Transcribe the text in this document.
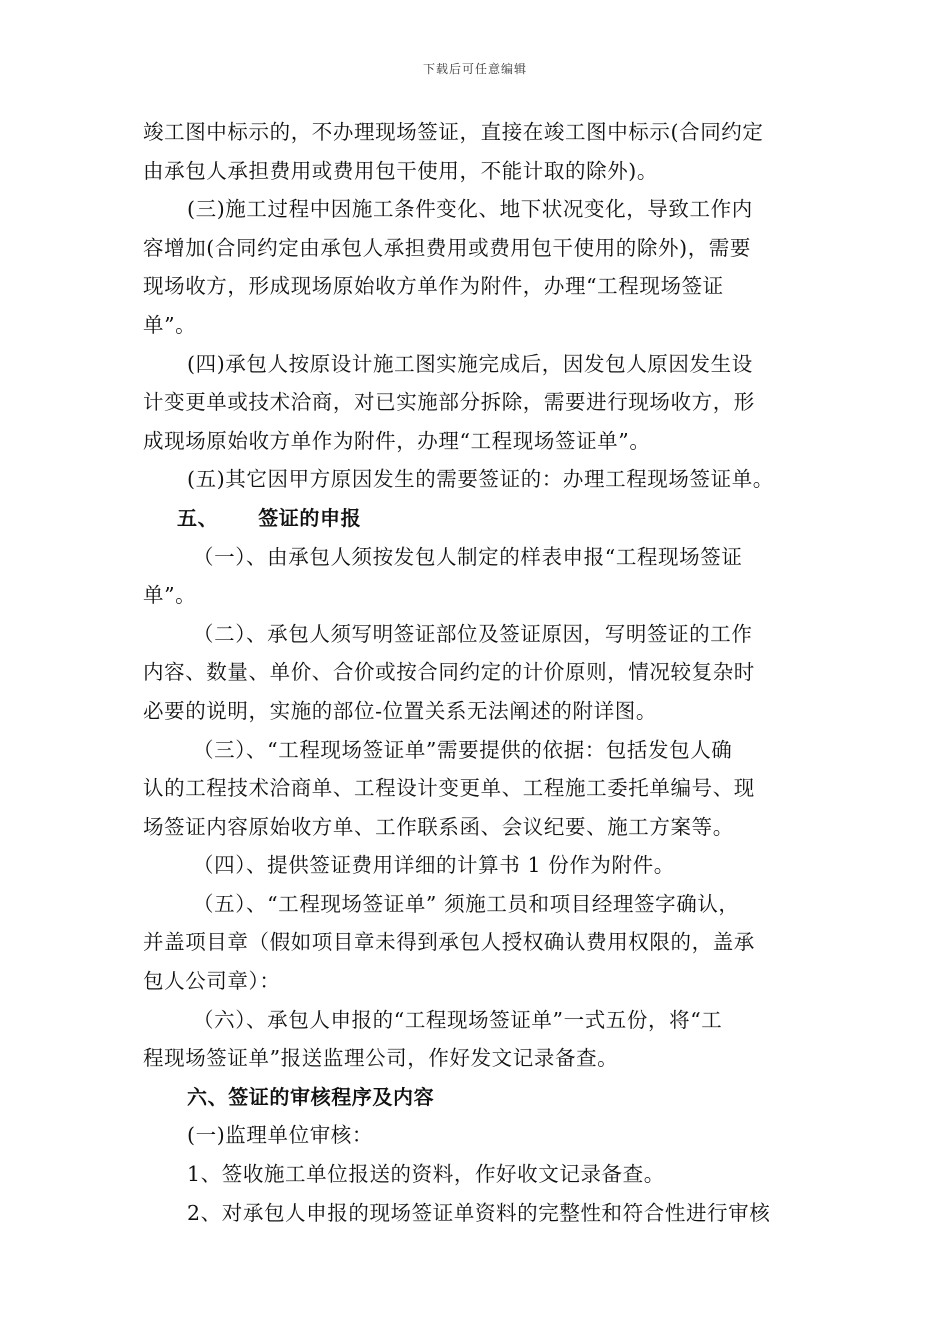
下载后可任意编辑
竣工图中标示的，不办理现场签证，直接在竣工图中标示(合同约定
由承包人承担费用或费用包干使用，不能计取的除外)。
(三)施工过程中因施工条件变化、地下状况变化，导致工作内
容增加(合同约定由承包人承担费用或费用包干使用的除外)，需要
现场收方，形成现场原始收方单作为附件，办理“工程现场签证
单”。
(四)承包人按原设计施工图实施完成后，因发包人原因发生设
计变更单或技术洽商，对已实施部分拆除，需要进行现场收方，形
成现场原始收方单作为附件，办理“工程现场签证单”。
(五)其它因甲方原因发生的需要签证的：办理工程现场签证单。
五、 签证的申报
（一）、由承包人须按发包人制定的样表申报“工程现场签证
单”。
（二）、承包人须写明签证部位及签证原因，写明签证的工作
内容、数量、单价、合价或按合同约定的计价原则，情况较复杂时
必要的说明，实施的部位-位置关系无法阐述的附详图。
（三）、“工程现场签证单”需要提供的依据：包括发包人确
认的工程技术洽商单、工程设计变更单、工程施工委托单编号、现
场签证内容原始收方单、工作联系函、会议纪要、施工方案等。
（四）、提供签证费用详细的计算书 1 份作为附件。
（五）、“工程现场签证单” 须施工员和项目经理签字确认，
并盖项目章（假如项目章未得到承包人授权确认费用权限的，盖承
包人公司章）：
（六）、承包人申报的“工程现场签证单”一式五份，将“工
程现场签证单”报送监理公司，作好发文记录备查。
六、签证的审核程序及内容
(一)监理单位审核：
1、签收施工单位报送的资料，作好收文记录备查。
2、对承包人申报的现场签证单资料的完整性和符合性进行审核
